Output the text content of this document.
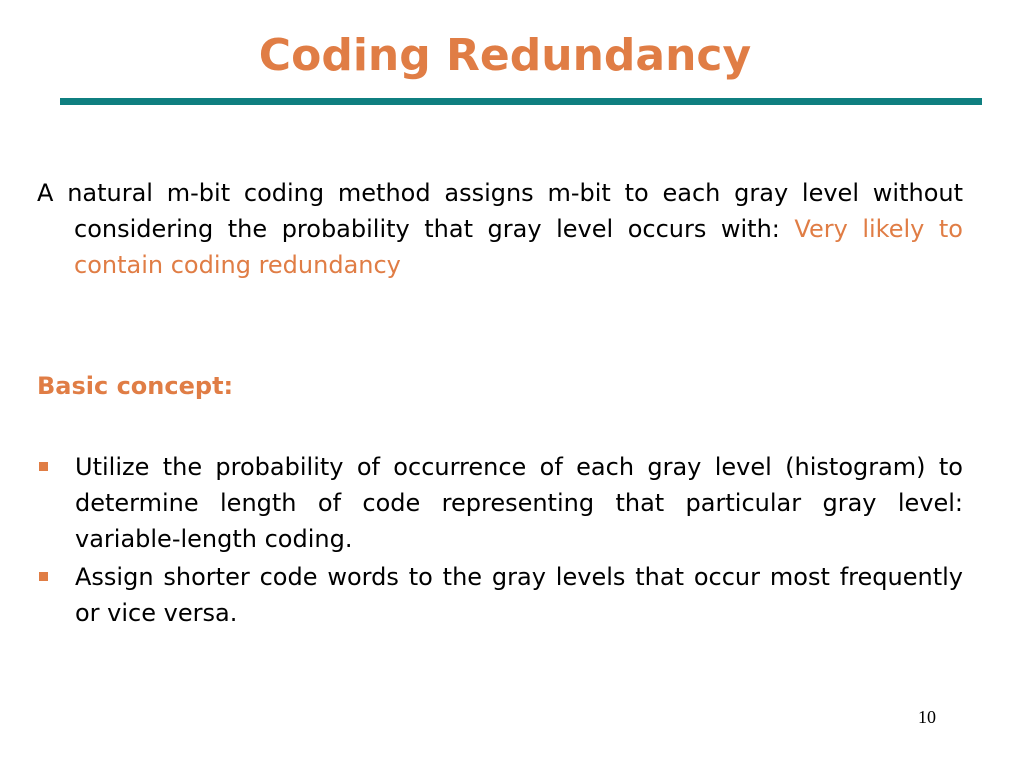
Coding Redundancy

A natural m-bit coding method assigns m-bit to each gray level without considering the probability that gray level occurs with: Very likely to contain coding redundancy

Basic concept:
Utilize the probability of occurrence of each gray level (histogram) to determine length of code representing that particular gray level: variable-length coding.
Assign shorter code words to the gray levels that occur most frequently or vice versa.
10
